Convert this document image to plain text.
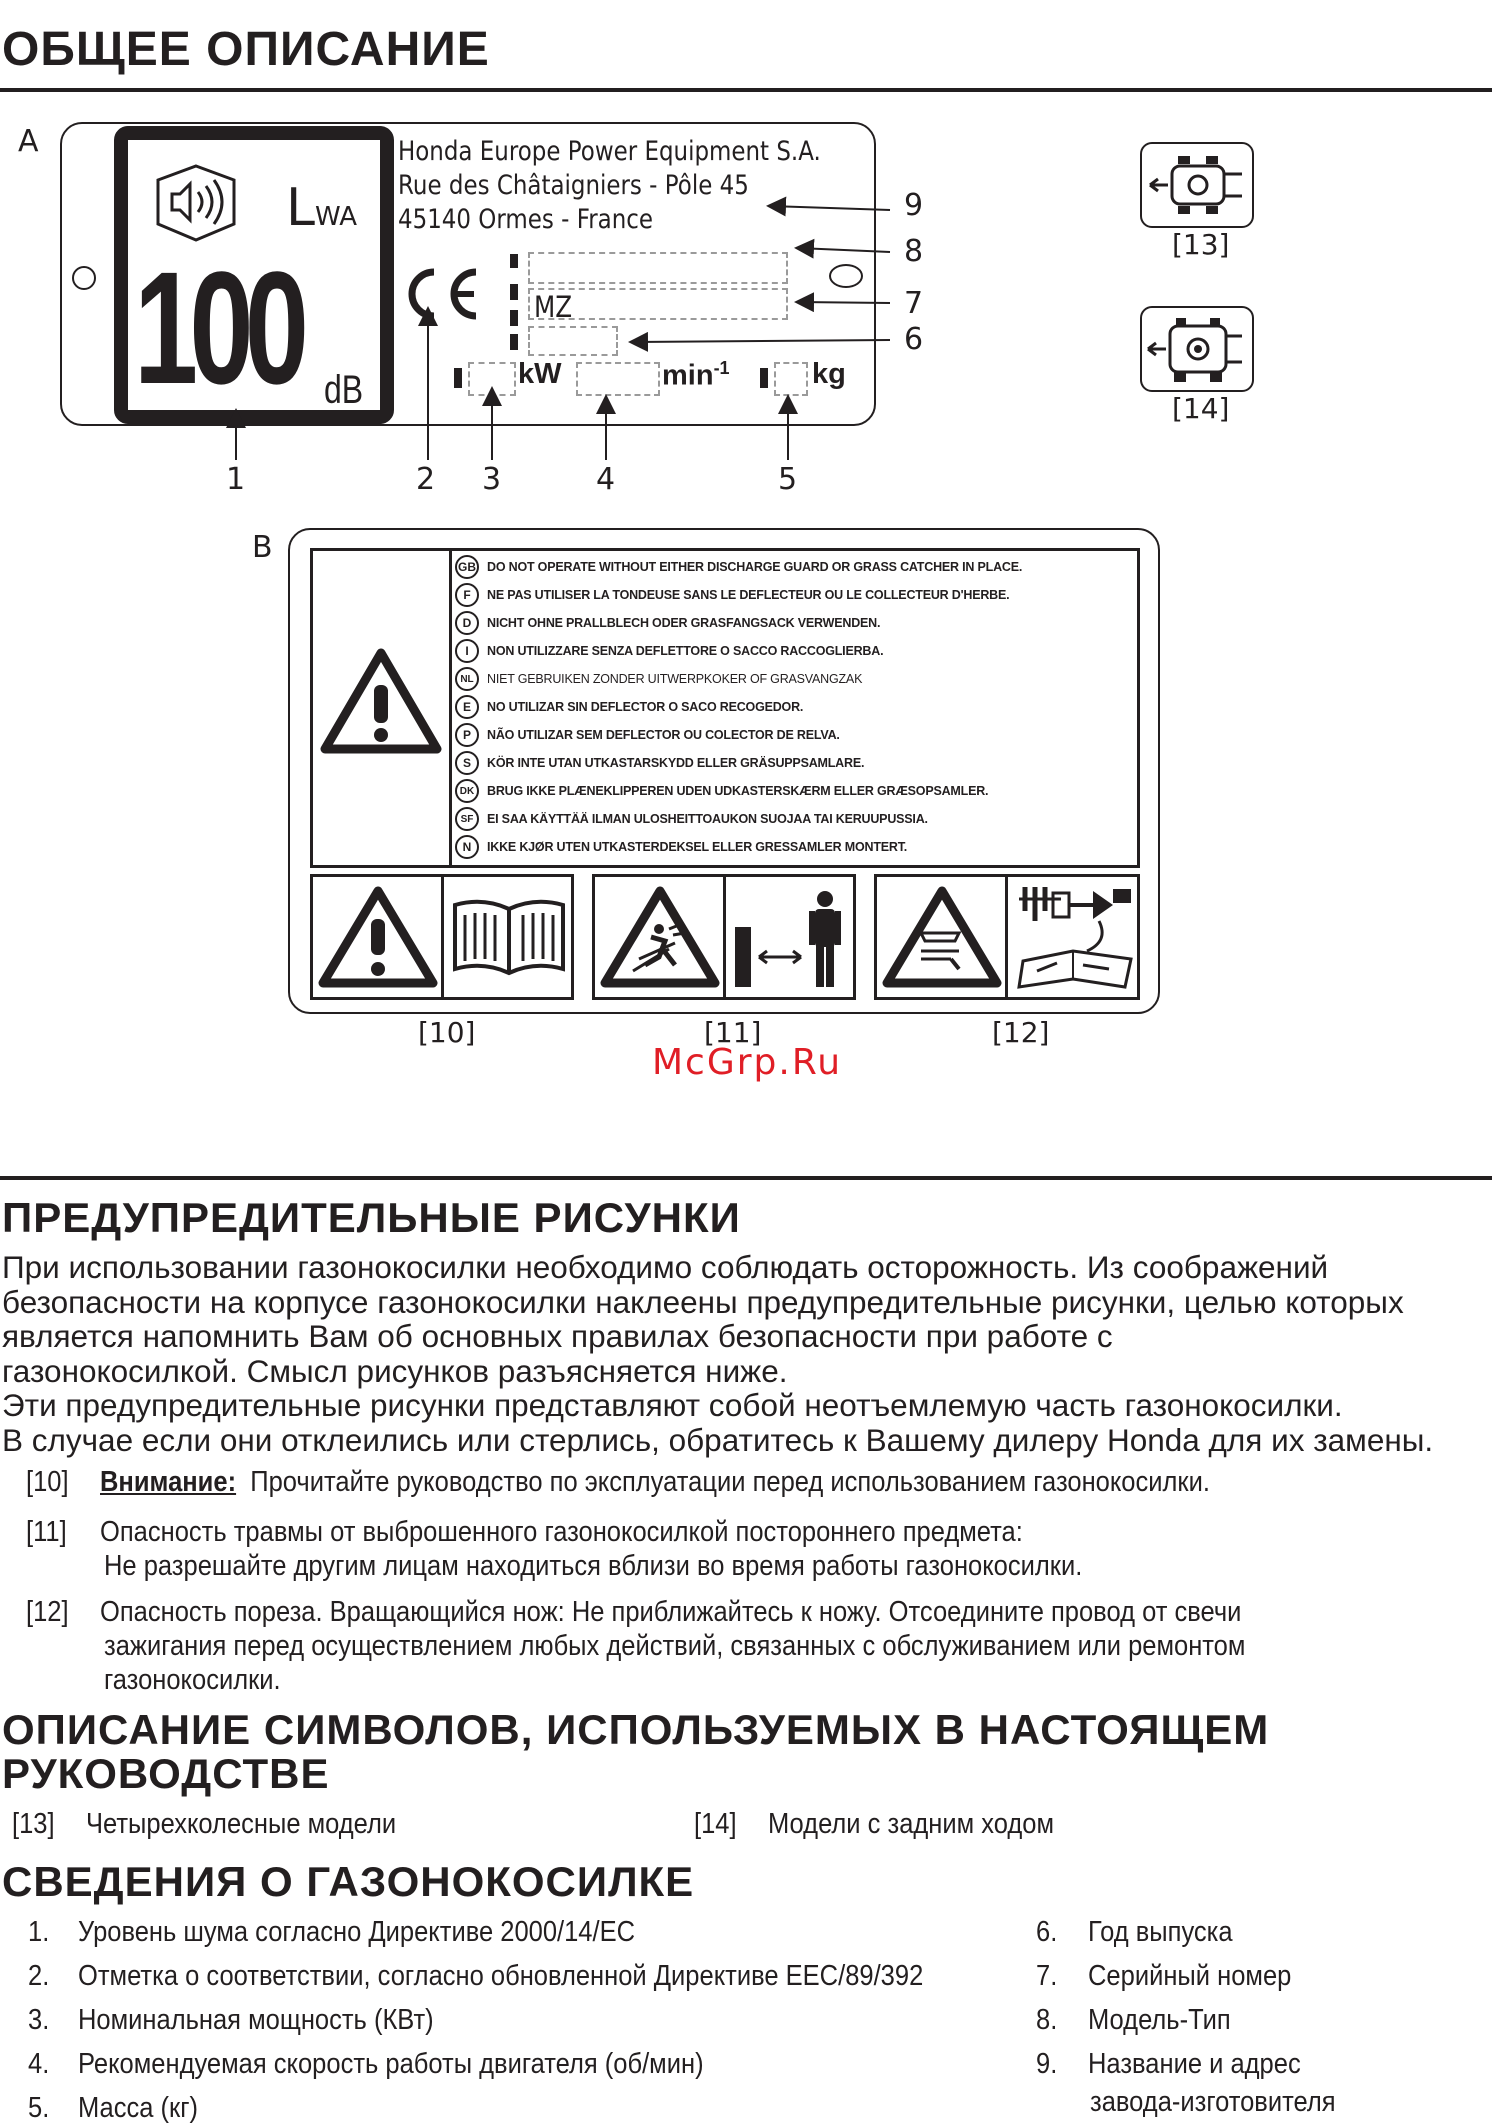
ОБЩЕЕ ОПИСАНИЕ
A
LWA
100 dB
Honda Europe Power Equipment S.A.
Rue des Châtaigniers - Pôle 45
45140 Ormes - France
MZ
kW	$\min^{-1}$	kg
1	2 3	4	5
6
7
8
9
[13]
[14]
B
GB DO NOT OPERATE WITHOUT EITHER DISCHARGE GUARD OR GRASS CATCHER IN PLACE.
F	NE PAS UTILISER LA TONDEUSE SANS LE DEFLECTEUR OU LE COLLECTEUR D'HERBE.
D	NICHT OHNE PRALLBLECH ODER GRASFANGSACK VERWENDEN.
I	NON UTILIZZARE SENZA DEFLETTORE O SACCO RACCOGLIERBA.
NL	NIET GEBRUIKEN ZONDER UITWERPKOKER OF GRASVANGZAK
E	NO UTILIZAR SIN DEFLECTOR O SACO RECOGEDOR.
P	NÃO UTILIZAR SEM DEFLECTOR OU COLECTOR DE RELVA.
S	KÖR INTE UTAN UTKASTARSKYDD ELLER GRÄSUPPSAMLARE.
DK	BRUG IKKE PLÆNEKLIPPEREN UDEN UDKASTERSKÆRM ELLER GRÆSOPSAMLER.
SF	EI SAA KÄYTTÄÄ ILMAN ULOSHEITTOAUKON SUOJAA TAI KERUUPUSSIA.
N	IKKE KJØR UTEN UTKASTERDEKSEL ELLER GRESSAMLER MONTERT.
[10]	[11]	[12]
McGrp.Ru
ПРЕДУПРЕДИТЕЛЬНЫЕ РИСУНКИ
При использовании газонокосилки необходимо соблюдать осторожность. Из соображений
безопасности на корпусе газонокосилки наклеены предупредительные рисунки, целью которых
является напомнить Вам об основных правилах безопасности при работе с
газонокосилкой. Смысл рисунков разъясняется ниже.
Эти предупредительные рисунки представляют собой неотъемлемую часть газонокосилки.
В случае если они отклеились или стерлись, обратитесь к Вашему дилеру Honda для их замены.
[10] Внимание: Прочитайте руководство по эксплуатации перед использованием газонокосилки.
[11] Опасность травмы от выброшенного газонокосилкой постороннего предмета:
Не разрешайте другим лицам находиться вблизи во время работы газонокосилки.
[12] Опасность пореза. Вращающийся нож: Не приближайтесь к ножу. Отсоедините провод от свечи
зажигания перед осуществлением любых действий, связанных с обслуживанием или ремонтом
газонокосилки.
ОПИСАНИЕ СИМВОЛОВ, ИСПОЛЬЗУЕМЫХ В НАСТОЯЩЕМ
РУКОВОДСТВЕ
[13] Четырехколесные модели	[14] Модели с задним ходом
СВЕДЕНИЯ О ГАЗОНОКОСИЛКЕ
1. Уровень шума согласно Директиве 2000/14/ЕС
2. Отметка о соответствии, согласно обновленной Директиве ЕЕС/89/392
3. Номинальная мощность (КВт)
4. Рекомендуемая скорость работы двигателя (об/мин)
5. Масса (кг)
6. Год выпуска
7. Серийный номер
8. Модель-Тип
9. Название и адрес
завода-изготовителя
